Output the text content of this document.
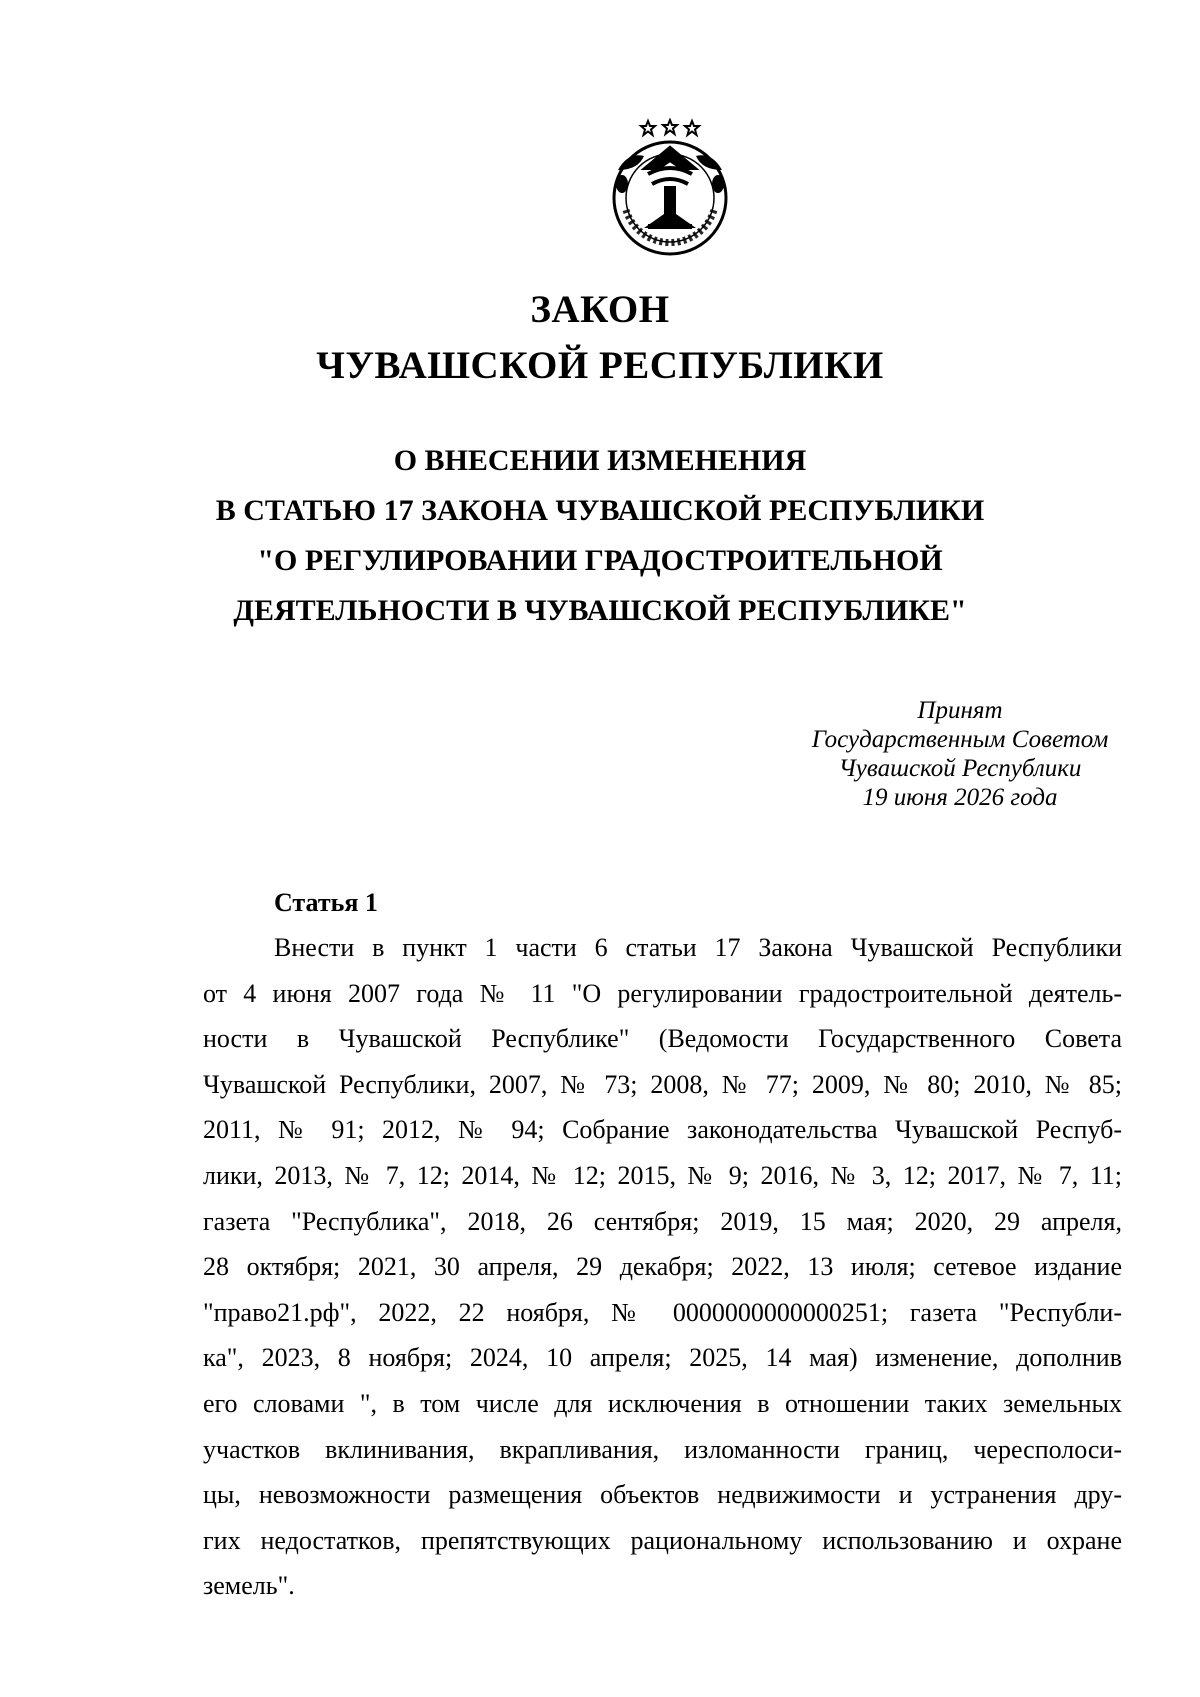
ЗАКОН
ЧУВАШСКОЙ РЕСПУБЛИКИ
О ВНЕСЕНИИ ИЗМЕНЕНИЯ
В СТАТЬЮ 17 ЗАКОНА ЧУВАШСКОЙ РЕСПУБЛИКИ
"О РЕГУЛИРОВАНИИ ГРАДОСТРОИТЕЛЬНОЙ
ДЕЯТЕЛЬНОСТИ В ЧУВАШСКОЙ РЕСПУБЛИКЕ"
Принят
Государственным Советом
Чувашской Республики
19 июня 2026 года
Статья 1
Внести в пункт 1 части 6 статьи 17 Закона Чувашской Республики
от 4 июня 2007 года № 11 "О регулировании градостроительной деятель-
ности в Чувашской Республике" (Ведомости Государственного Совета
Чувашской Республики, 2007, № 73; 2008, № 77; 2009, № 80; 2010, № 85;
2011, № 91; 2012, № 94; Собрание законодательства Чувашской Респуб-
лики, 2013, № 7, 12; 2014, № 12; 2015, № 9; 2016, № 3, 12; 2017, № 7, 11;
газета "Республика", 2018, 26 сентября; 2019, 15 мая; 2020, 29 апреля,
28 октября; 2021, 30 апреля, 29 декабря; 2022, 13 июля; сетевое издание
"право21.рф", 2022, 22 ноября, № 0000000000000251; газета "Республи-
ка", 2023, 8 ноября; 2024, 10 апреля; 2025, 14 мая) изменение, дополнив
его словами ", в том числе для исключения в отношении таких земельных
участков вклинивания, вкрапливания, изломанности границ, чересполоси-
цы, невозможности размещения объектов недвижимости и устранения дру-
гих недостатков, препятствующих рациональному использованию и охране
земель".
